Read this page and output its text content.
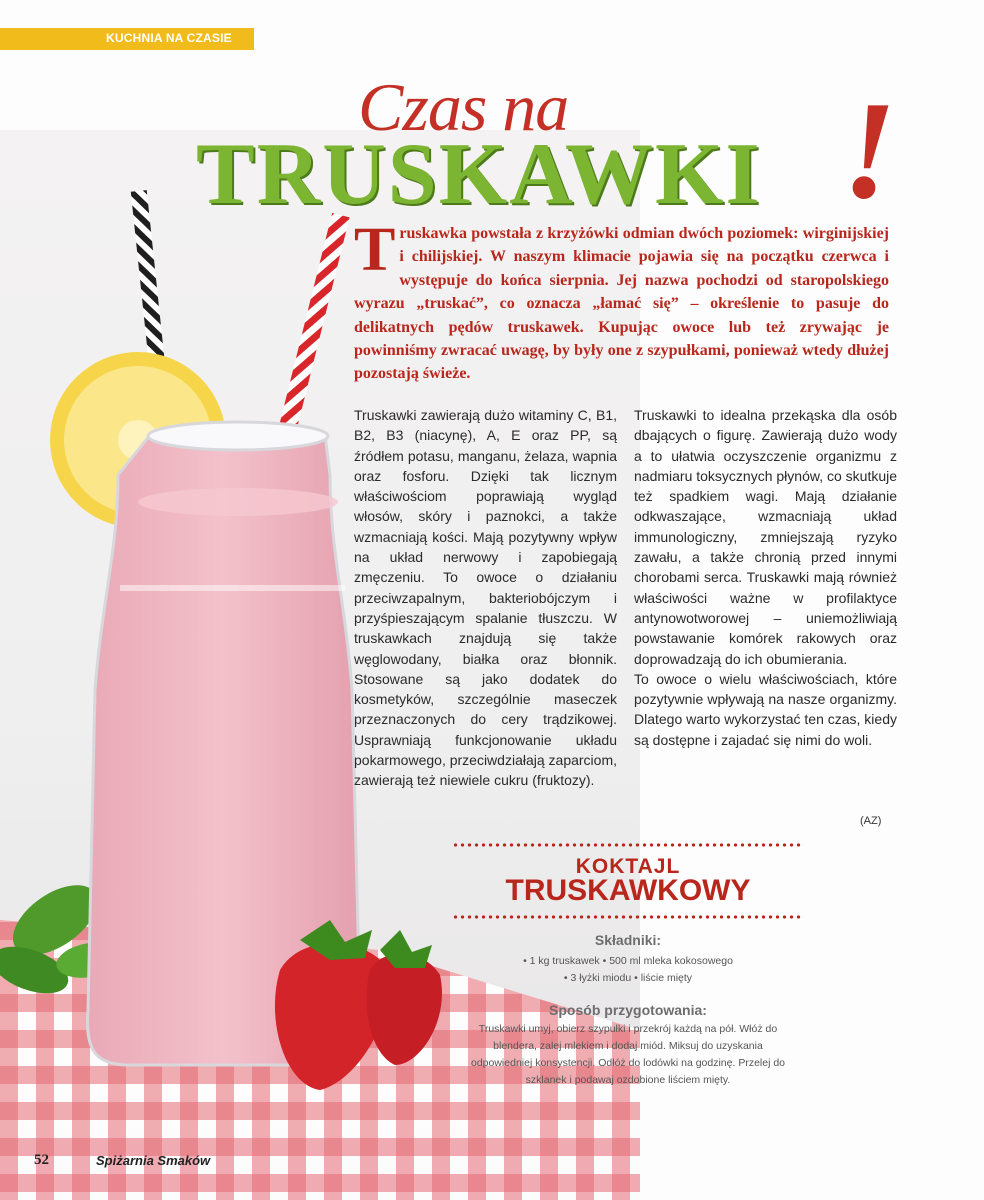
KUCHNIA NA CZASIE
Czas na
TRUSKAWKI !
Truskawka powstała z krzyżówki odmian dwóch poziomek: wirginijskiej i chilijskiej. W naszym klimacie pojawia się na początku czerwca i występuje do końca sierpnia. Jej nazwa pochodzi od staropolskiego wyrazu „truskać”, co oznacza „łamać się” – określenie to pasuje do delikatnych pędów truskawek. Kupując owoce lub też zrywając je powinniśmy zwracać uwagę, by były one z szypułkami, ponieważ wtedy dłużej pozostają świeże.

Truskawki zawierają dużo witaminy C, B1, B2, B3 (niacynę), A, E oraz PP, są źródłem potasu, manganu, żelaza, wapnia oraz fosforu. Dzięki tak licznym właściwościom poprawiają wygląd włosów, skóry i paznokci, a także wzmacniają kości. Mają pozytywny wpływ na układ nerwowy i zapobiegają zmęczeniu. To owoce o działaniu przeciwzapalnym, bakteriobójczym i przyśpieszającym spalanie tłuszczu. W truskawkach znajdują się także węglowodany, białka oraz błonnik. Stosowane są jako dodatek do kosmetyków, szczególnie maseczek przeznaczonych do cery trądzikowej. Usprawniają funkcjonowanie układu pokarmowego, przeciwdziałają zaparciom, zawierają też niewiele cukru (fruktozy).

Truskawki to idealna przekąska dla osób dbających o figurę. Zawierają dużo wody a to ułatwia oczyszczenie organizmu z nadmiaru toksycznych płynów, co skutkuje też spadkiem wagi. Mają działanie odkwaszające, wzmacniają układ immunologiczny, zmniejszają ryzyko zawału, a także chronią przed innymi chorobami serca. Truskawki mają również właściwości ważne w profilaktyce antynowotworowej – uniemożliwiają powstawanie komórek rakowych oraz doprowadzają do ich obumierania.

To owoce o wielu właściwościach, które pozytywnie wpływają na nasze organizmy. Dlatego warto wykorzystać ten czas, kiedy są dostępne i zajadać się nimi do woli.

(AZ)
KOKTAJL
TRUSKAWKOWY
Składniki:
• 1 kg truskawek • 500 ml mleka kokosowego
• 3 łyżki miodu • liście mięty
Sposób przygotowania:
Truskawki umyj, obierz szypułki i przekrój każdą na pół. Włóż do blendera, zalej mlekiem i dodaj miód. Miksuj do uzyskania odpowiedniej konsystencji. Odłóż do lodówki na godzinę. Przelej do szklanek i podawaj ozdobione liściem mięty.
52	Spiżarnia Smaków
